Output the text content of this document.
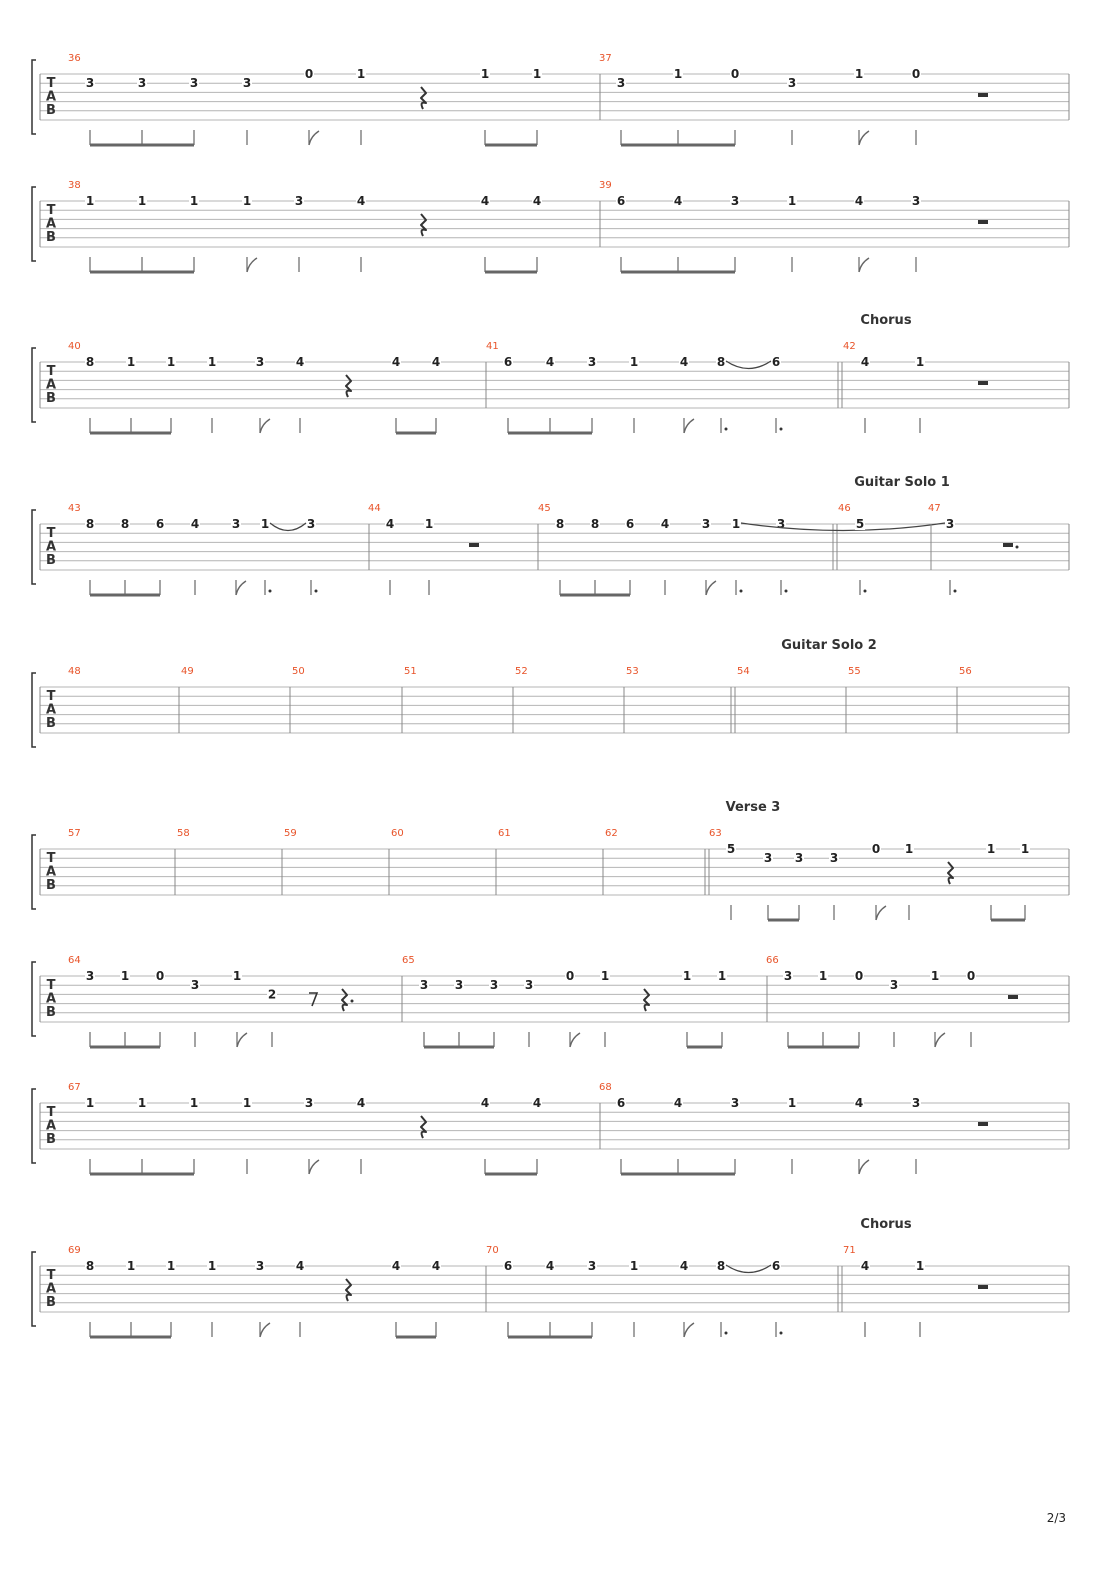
T
A
B
36
3	3	3	3
0	1	1	1
37
3
1	0
3
1	0
T
A
B
38
1	1	1	1	3	4	4	4
39
6	4	3	1	4	3
T
A
B
Chorus
40
8	1	1	1	3	4	4	4
41
6	4	3	1	4 8	6
42
4	1
T
A
B
Guitar Solo 1
43
8 8 6 4	3 1	3
44
4	1
45
8 8 6 4	3 1	3
46
5
47
3
T
A
B
Guitar Solo 2
48	49	50	51	52	53	54	55	56
T
A
B
Verse 3
57	58	59	60	61	62	63
5
3 3 3
0 1	1 1
T
A
B
64
3 1 0
3
1
2
65
3 3 3 3
0 1	1 1
66
3 1 0
3
1 0
T
A
B
67
1	1	1	1	3	4	4	4
68
6	4	3	1	4	3
T
A
B
Chorus
69
8	1	1	1	3	4	4	4
70
6	4	3	1	4 8	6
71
4	1
2/3
